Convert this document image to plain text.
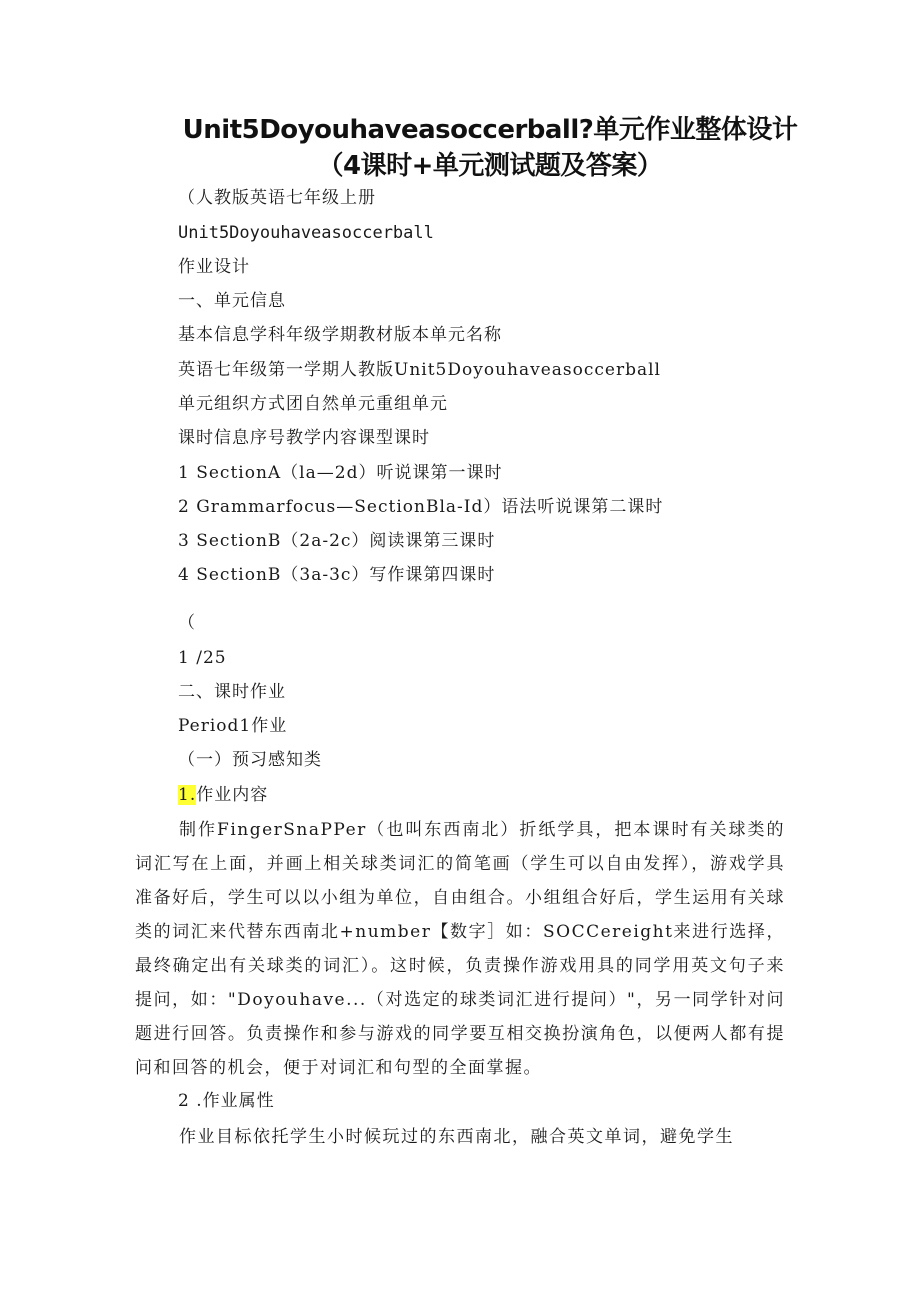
Unit5Doyouhaveasoccerball?单元作业整体设计（4课时+单元测试题及答案）
（人教版英语七年级上册
Unit5Doyouhaveasoccerball
作业设计
一、单元信息
基本信息学科年级学期教材版本单元名称
英语七年级第一学期人教版Unit5Doyouhaveasoccerball
单元组织方式团自然单元重组单元
课时信息序号教学内容课型课时
1 SectionA（la—2d）听说课第一课时
2 Grammarfocus—SectionBla-Id）语法听说课第二课时
3 SectionB（2a-2c）阅读课第三课时
4 SectionB（3a-3c）写作课第四课时
（
1 /25
二、课时作业
Period1作业
（一）预习感知类
1.作业内容
制作FingerSnaPPer（也叫东西南北）折纸学具，把本课时有关球类的词汇写在上面，并画上相关球类词汇的简笔画（学生可以自由发挥），游戏学具准备好后，学生可以以小组为单位，自由组合。小组组合好后，学生运用有关球类的词汇来代替东西南北+number【数字］如：SOCCereight来进行选择，最终确定出有关球类的词汇）。这时候，负责操作游戏用具的同学用英文句子来提问，如："Doyouhave...（对选定的球类词汇进行提问）"，另一同学针对问题进行回答。负责操作和参与游戏的同学要互相交换扮演角色，以便两人都有提问和回答的机会，便于对词汇和句型的全面掌握。
2 .作业属性
作业目标依托学生小时候玩过的东西南北，融合英文单词，避免学生
